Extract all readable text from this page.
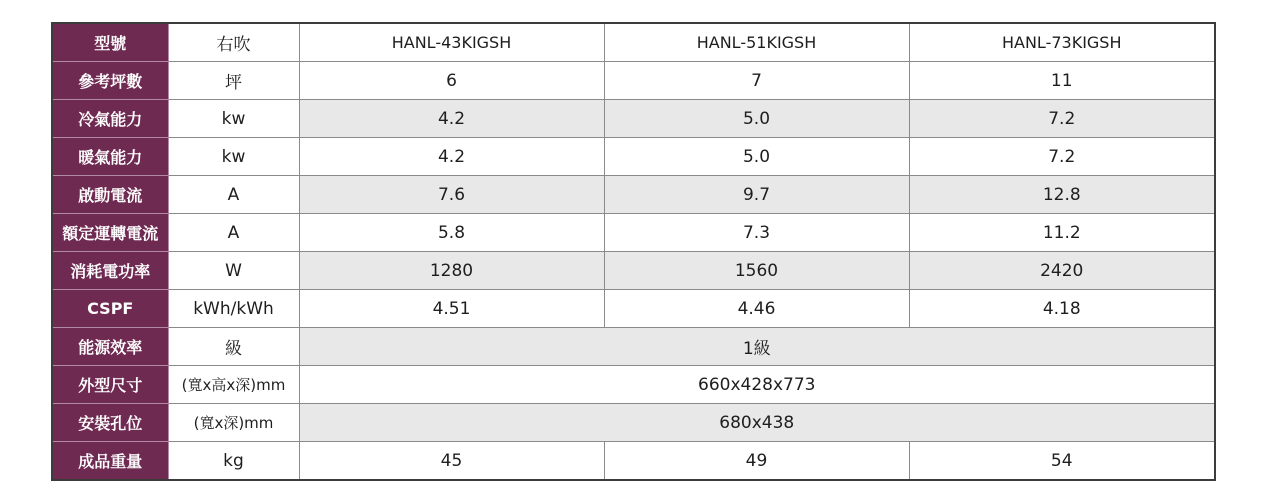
型號	右吹	HANL-43KIGSH	HANL-51KIGSH	HANL-73KIGSH
參考坪數	坪	6	7	11
冷氣能力	kw	4.2	5.0	7.2
暖氣能力	kw	4.2	5.0	7.2
啟動電流	A	7.6	9.7	12.8
額定運轉電流	A	5.8	7.3	11.2
消耗電功率	W	1280	1560	2420
CSPF	kWh/kWh	4.51	4.46	4.18
能源效率	級	1級		
外型尺寸	(寬x高x深)mm	660x428x773		
安裝孔位	(寬x深)mm	680x438		
成品重量	kg	45	49	54
